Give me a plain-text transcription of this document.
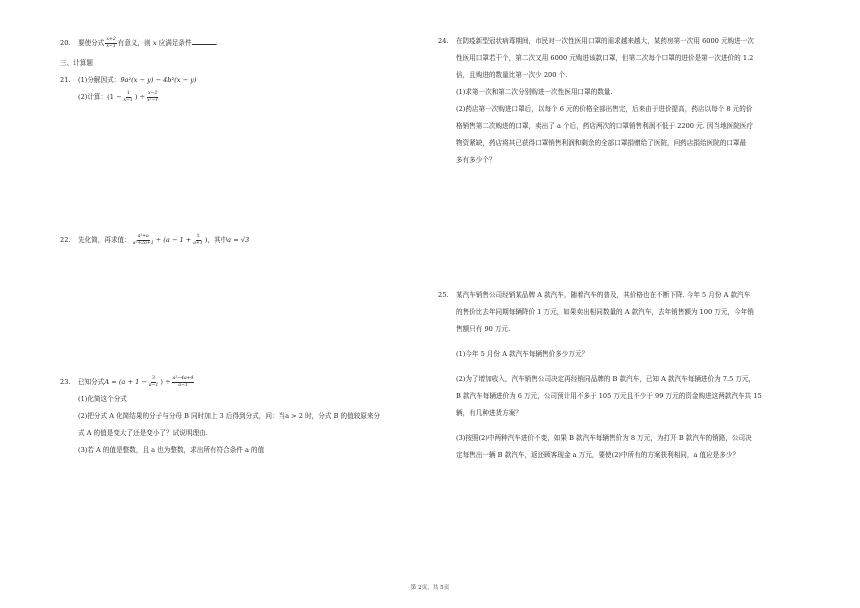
20. 要使分式 $\frac{x+2}{x-1}$ 有意义，则 x 应满足条件	.
三、计算题
21. (1)分解因式：9a²(x − y) − 4b²(x − y)
(2)计算：($1 - \frac{1}{x-1}$ ) ÷ $\frac{x-2}{\text{x²−1}}$
22. 先化简，再求值： $\frac{\text{a²+a}}{\text{a²+2a+1}} \div (a - 1 + \frac{1}{a+1}$ )，其中a = √3
23. 已知分式$A = (a + 1 - \frac{3}{a-1}$ ) ÷ $\frac{\text{a²−4a+4}}{a-1}$
(1)化简这个分式
(2)把分式 A 化简结果的分子与分母 B 同时加上 3 后得到分式，问：当a > 2 时，分式 B 的值较原来分
式 A 的值是变大了还是变小了？试说明理由.
(3)若 A 的值是整数，且 a 也为整数，求出所有符合条件 a 的值
24. 在防疫新型冠状病毒期间，市民对一次性医用口罩的需求越来越大，某药房第一次用 6000 元购进一次
性医用口罩若干个，第二次又用 6000 元购进该款口罩，但第二次每个口罩的进价是第一次进价的 1.2
倍，且购进的数量比第一次少 200 个.
(1)求第一次和第二次分别购进一次性医用口罩的数量.
(2)药店第一次购进口罩后，以每个 6 元的价格全部出售完，后来由于进价提高，药店以每个 8 元的价
格销售第二次购进的口罩，卖出了 a 个后，药店两次的口罩销售利润不低于 2200 元. 因当地医院医疗
物资紧缺，药店将其已获得口罩销售利润和剩余的全部口罩捐赠给了医院，问药店捐给医院的口罩最
多有多少个？
25. 某汽车销售公司经销某品牌 A 款汽车，随着汽车的普及，其价格也在不断下降. 今年 5 月份 A 款汽车
的售价比去年同期每辆降价 1 万元，如果卖出相同数量的 A 款汽车，去年销售额为 100 万元，今年销
售额只有 90 万元.
(1)今年 5 月份 A 款汽车每辆售价多少万元？
(2)为了增加收入，汽车销售公司决定再经销同品牌的 B 款汽车，已知 A 款汽车每辆进价为 7.5 万元，
B 款汽车每辆进价为 6 万元，公司预计用不多于 105 万元且不少于 99 万元的资金购进这两款汽车共 15
辆，有几种进货方案？
(3)按照(2)中两种汽车进价不变，如果 B 款汽车每辆售价为 8 万元，为打开 B 款汽车的销路，公司决
定每售出一辆 B 款汽车，返还顾客现金 a 万元，要使(2)中所有的方案获利相同，a 值应是多少？
第 2页，共 5页
